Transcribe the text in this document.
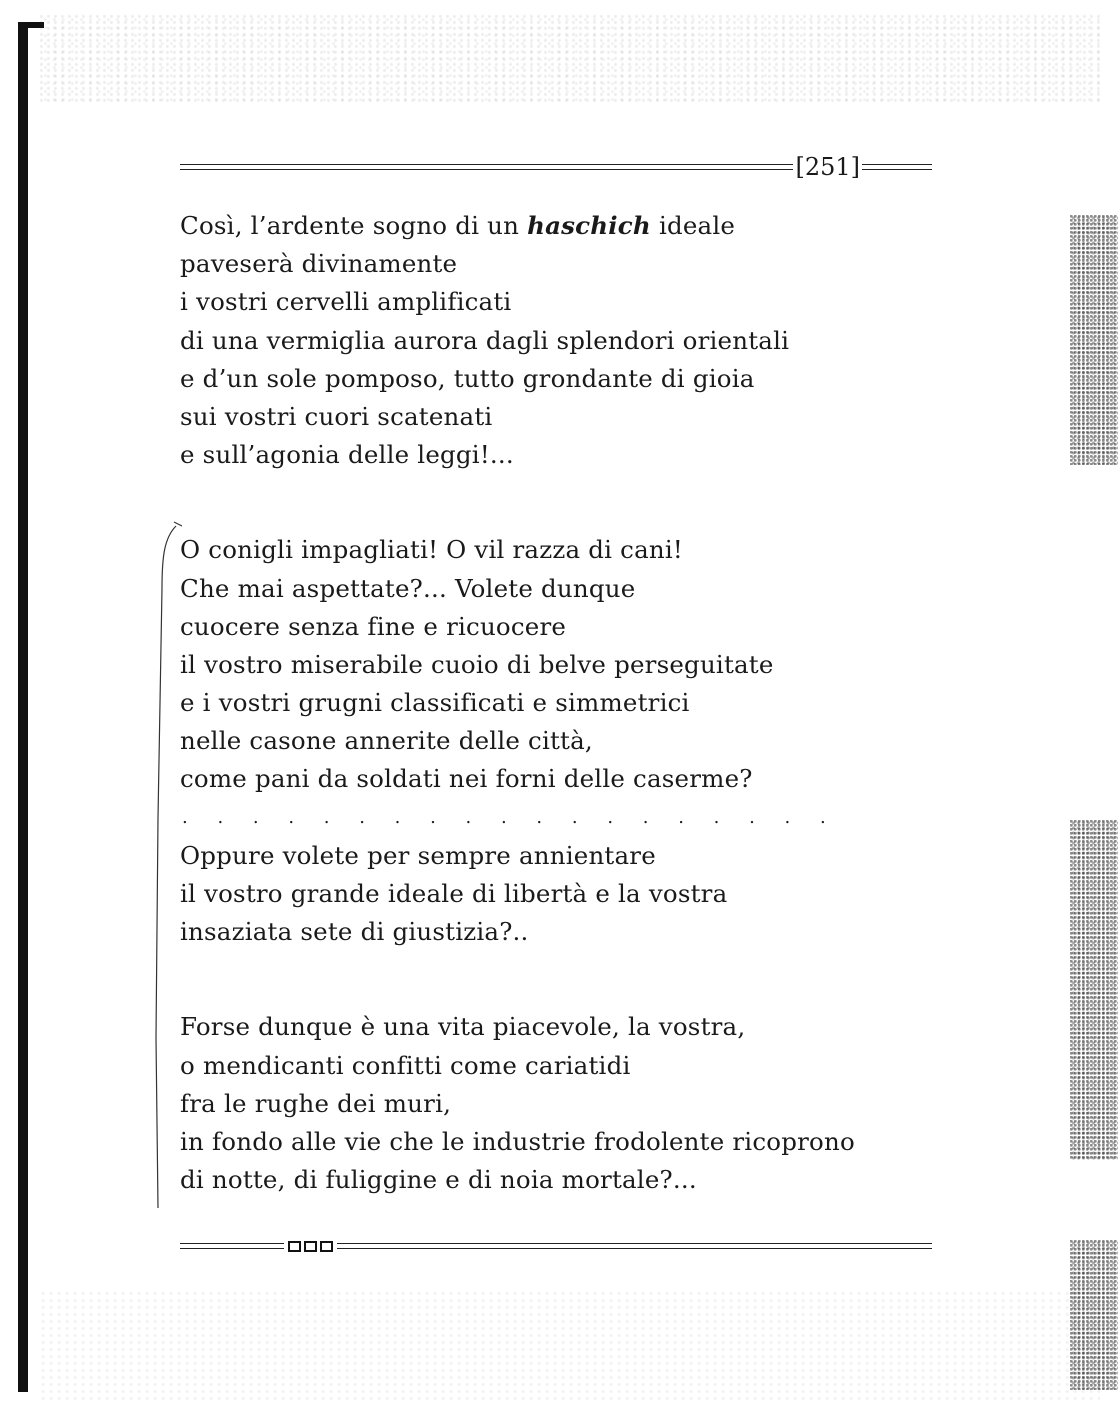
[251]
Così, l’ardente sogno di un haschich ideale
paveserà divinamente
i vostri cervelli amplificati
di una vermiglia aurora dagli splendori orientali
e d’un sole pomposo, tutto grondante di gioia
sui vostri cuori scatenati
e sull’agonia delle leggi!...
O conigli impagliati! O vil razza di cani!
Che mai aspettate?... Volete dunque
cuocere senza fine e ricuocere
il vostro miserabile cuoio di belve perseguitate
e i vostri grugni classificati e simmetrici
nelle casone annerite delle città,
come pani da soldati nei forni delle caserme?
. . . . . . . . . . . . . . . . . . .
Oppure volete per sempre annientare
il vostro grande ideale di libertà e la vostra
insaziata sete di giustizia?..
Forse dunque è una vita piacevole, la vostra,
o mendicanti confitti come cariatidi
fra le rughe dei muri,
in fondo alle vie che le industrie frodolente ricoprono
di notte, di fuliggine e di noia mortale?...
